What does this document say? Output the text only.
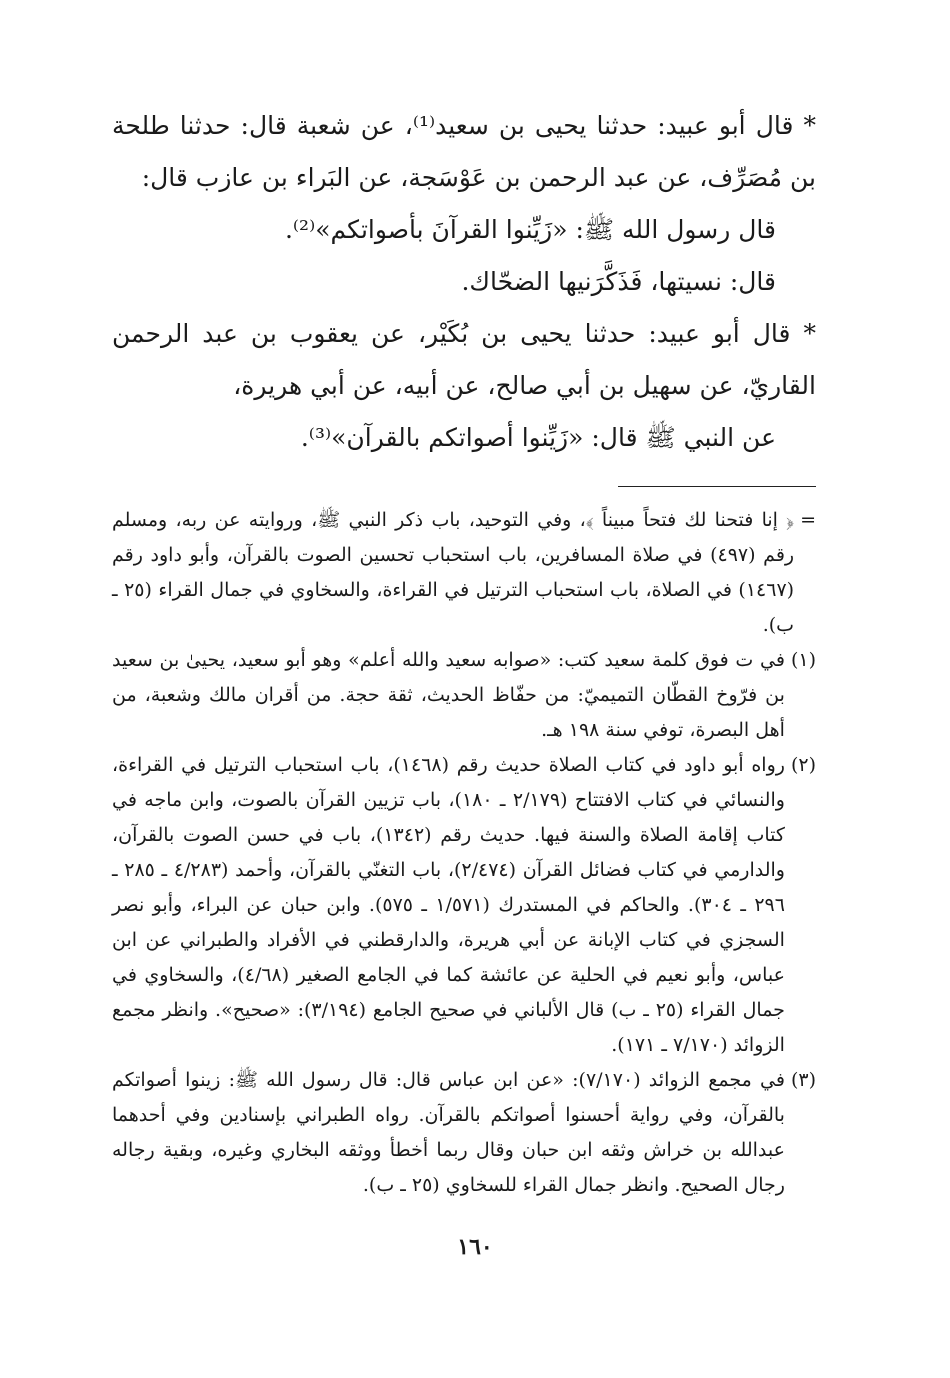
* قال أبو عبيد: حدثنا يحيى بن سعيد⁽¹⁾، عن شعبة قال: حدثنا طلحة بن مُصَرِّف، عن عبد الرحمن بن عَوْسَجة، عن البَراء بن عازب قال:

قال رسول الله ﷺ: «زَيِّنوا القرآنَ بأصواتكم»⁽²⁾.

قال: نسيتها، فَذَكَّرَنيها الضحّاك.

* قال أبو عبيد: حدثنا يحيى بن بُكَيْر، عن يعقوب بن عبد الرحمن القاريّ، عن سهيل بن أبي صالح، عن أبيه، عن أبي هريرة،

عن النبي ﷺ قال: «زَيِّنوا أصواتكم بالقرآن»⁽³⁾.

=
﴿ إنا فتحنا لك فتحاً مبيناً ﴾، وفي التوحيد، باب ذكر النبي ﷺ، وروايته عن ربه، ومسلم رقم (٤٩٧) في صلاة المسافرين، باب استحباب تحسين الصوت بالقرآن، وأبو داود رقم (١٤٦٧) في الصلاة، باب استحباب الترتيل في القراءة، والسخاوي في جمال القراء (٢٥ ـ ب).
(١)
في ت فوق كلمة سعيد كتب: «صوابه سعيد والله أعلم» وهو أبو سعيد، يحيىٰ بن سعيد بن فرّوخ القطّان التميميّ: من حفّاظ الحديث، ثقة حجة. من أقران مالك وشعبة، من أهل البصرة، توفي سنة ١٩٨ هـ.
(٢)
رواه أبو داود في كتاب الصلاة حديث رقم (١٤٦٨)، باب استحباب الترتيل في القراءة، والنسائي في كتاب الافتتاح (٢/١٧٩ ـ ١٨٠)، باب تزيين القرآن بالصوت، وابن ماجه في كتاب إقامة الصلاة والسنة فيها. حديث رقم (١٣٤٢)، باب في حسن الصوت بالقرآن، والدارمي في كتاب فضائل القرآن (٢/٤٧٤)، باب التغنّي بالقرآن، وأحمد (٤/٢٨٣ ـ ٢٨٥ ـ ٢٩٦ ـ ٣٠٤). والحاكم في المستدرك (١/٥٧١ ـ ٥٧٥). وابن حبان عن البراء، وأبو نصر السجزي في كتاب الإبانة عن أبي هريرة، والدارقطني في الأفراد والطبراني عن ابن عباس، وأبو نعيم في الحلية عن عائشة كما في الجامع الصغير (٤/٦٨)، والسخاوي في جمال القراء (٢٥ ـ ب) قال الألباني في صحيح الجامع (٣/١٩٤): «صحيح». وانظر مجمع الزوائد (٧/١٧٠ ـ ١٧١).
(٣)
في مجمع الزوائد (٧/١٧٠): «عن ابن عباس قال: قال رسول الله ﷺ: زينوا أصواتكم بالقرآن، وفي رواية أحسنوا أصواتكم بالقرآن. رواه الطبراني بإسنادين وفي أحدهما عبدالله بن خراش وثقه ابن حبان وقال ربما أخطأ ووثقه البخاري وغيره، وبقية رجاله رجال الصحيح. وانظر جمال القراء للسخاوي (٢٥ ـ ب).
١٦٠
